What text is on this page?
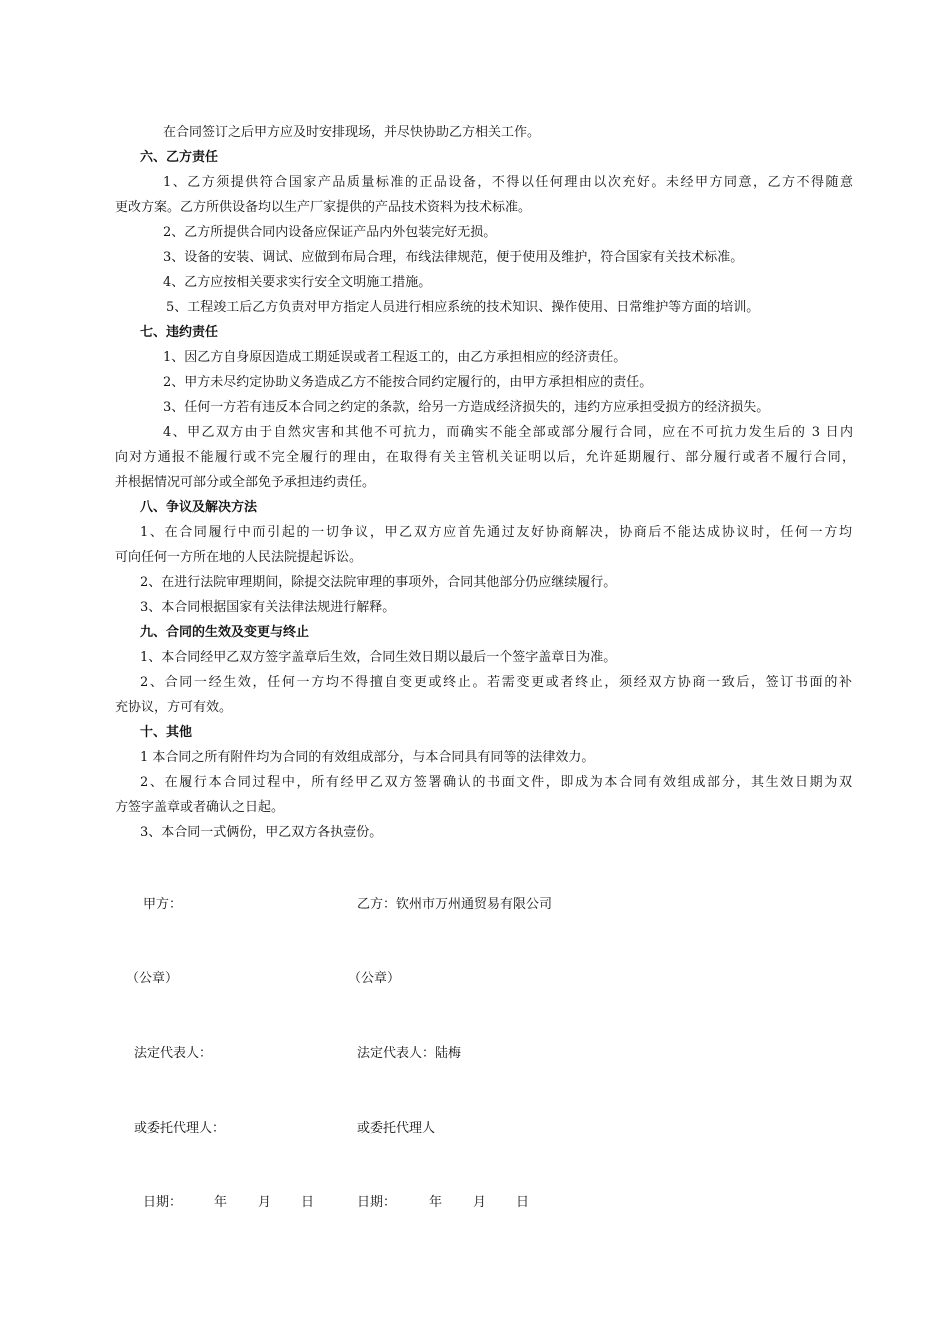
在合同签订之后甲方应及时安排现场，并尽快协助乙方相关工作。
六、乙方责任
1、乙方须提供符合国家产品质量标准的正品设备，不得以任何理由以次充好。未经甲方同意，乙方不得随意
更改方案。乙方所供设备均以生产厂家提供的产品技术资料为技术标准。
2、乙方所提供合同内设备应保证产品内外包装完好无损。
3、设备的安装、调试、应做到布局合理，布线法律规范，便于使用及维护，符合国家有关技术标准。
4、乙方应按相关要求实行安全文明施工措施。
5、工程竣工后乙方负责对甲方指定人员进行相应系统的技术知识、操作使用、日常维护等方面的培训。
七、违约责任
1、因乙方自身原因造成工期延误或者工程返工的，由乙方承担相应的经济责任。
2、甲方未尽约定协助义务造成乙方不能按合同约定履行的，由甲方承担相应的责任。
3、任何一方若有违反本合同之约定的条款，给另一方造成经济损失的，违约方应承担受损方的经济损失。
4、甲乙双方由于自然灾害和其他不可抗力，而确实不能全部或部分履行合同，应在不可抗力发生后的 3 日内
向对方通报不能履行或不完全履行的理由，在取得有关主管机关证明以后，允许延期履行、部分履行或者不履行合同，
并根据情况可部分或全部免予承担违约责任。
八、争议及解决方法
1、在合同履行中而引起的一切争议，甲乙双方应首先通过友好协商解决，协商后不能达成协议时，任何一方均
可向任何一方所在地的人民法院提起诉讼。
2、在进行法院审理期间，除提交法院审理的事项外，合同其他部分仍应继续履行。
3、本合同根据国家有关法律法规进行解释。
九、合同的生效及变更与终止
1、本合同经甲乙双方签字盖章后生效，合同生效日期以最后一个签字盖章日为准。
2、合同一经生效，任何一方均不得擅自变更或终止。若需变更或者终止，须经双方协商一致后，签订书面的补
充协议，方可有效。
十、其他
1 本合同之所有附件均为合同的有效组成部分，与本合同具有同等的法律效力。
2、在履行本合同过程中，所有经甲乙双方签署确认的书面文件，即成为本合同有效组成部分，其生效日期为双
方签字盖章或者确认之日起。
3、本合同一式俩份，甲乙双方各执壹份。
甲方：	乙方：钦州市万州通贸易有限公司
（公章）	（公章）
法定代表人：	法定代表人：陆梅
或委托代理人：	或委托代理人
日期： 年 月 日	日期：	年 月 日
